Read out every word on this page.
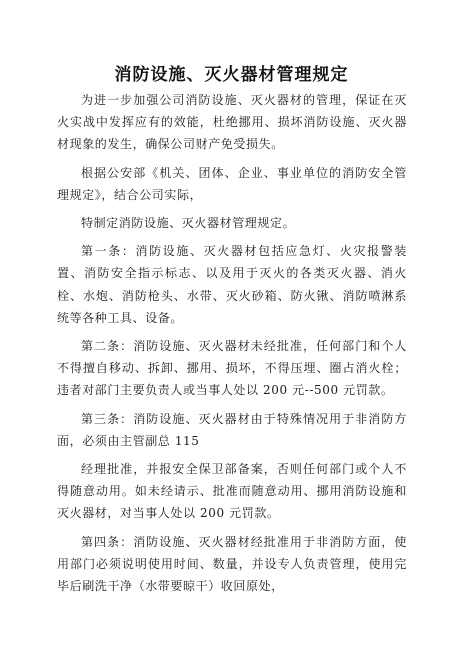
消防设施、灭火器材管理规定

为进一步加强公司消防设施、灭火器材的管理，保证在灭火实战中发挥应有的效能，杜绝挪用、损坏消防设施、灭火器材现象的发生，确保公司财产免受损失。

根据公安部《机关、团体、企业、事业单位的消防安全管理规定》，结合公司实际，

特制定消防设施、灭火器材管理规定。

第一条：消防设施、灭火器材包括应急灯、火灾报警装置、消防安全指示标志、以及用于灭火的各类灭火器、消火栓、水炮、消防枪头、水带、灭火砂箱、防火锹、消防喷淋系统等各种工具、设备。

第二条：消防设施、灭火器材未经批准，任何部门和个人不得擅自移动、拆卸、挪用、损坏，不得压埋、圈占消火栓；违者对部门主要负责人或当事人处以 200 元--500 元罚款。

第三条：消防设施、灭火器材由于特殊情况用于非消防方面，必须由主管副总 115

经理批准，并报安全保卫部备案，否则任何部门或个人不得随意动用。如未经请示、批准而随意动用、挪用消防设施和灭火器材，对当事人处以 200 元罚款。

第四条：消防设施、灭火器材经批准用于非消防方面，使用部门必须说明使用时间、数量，并设专人负责管理，使用完毕后刷洗干净（水带要晾干）收回原处，
